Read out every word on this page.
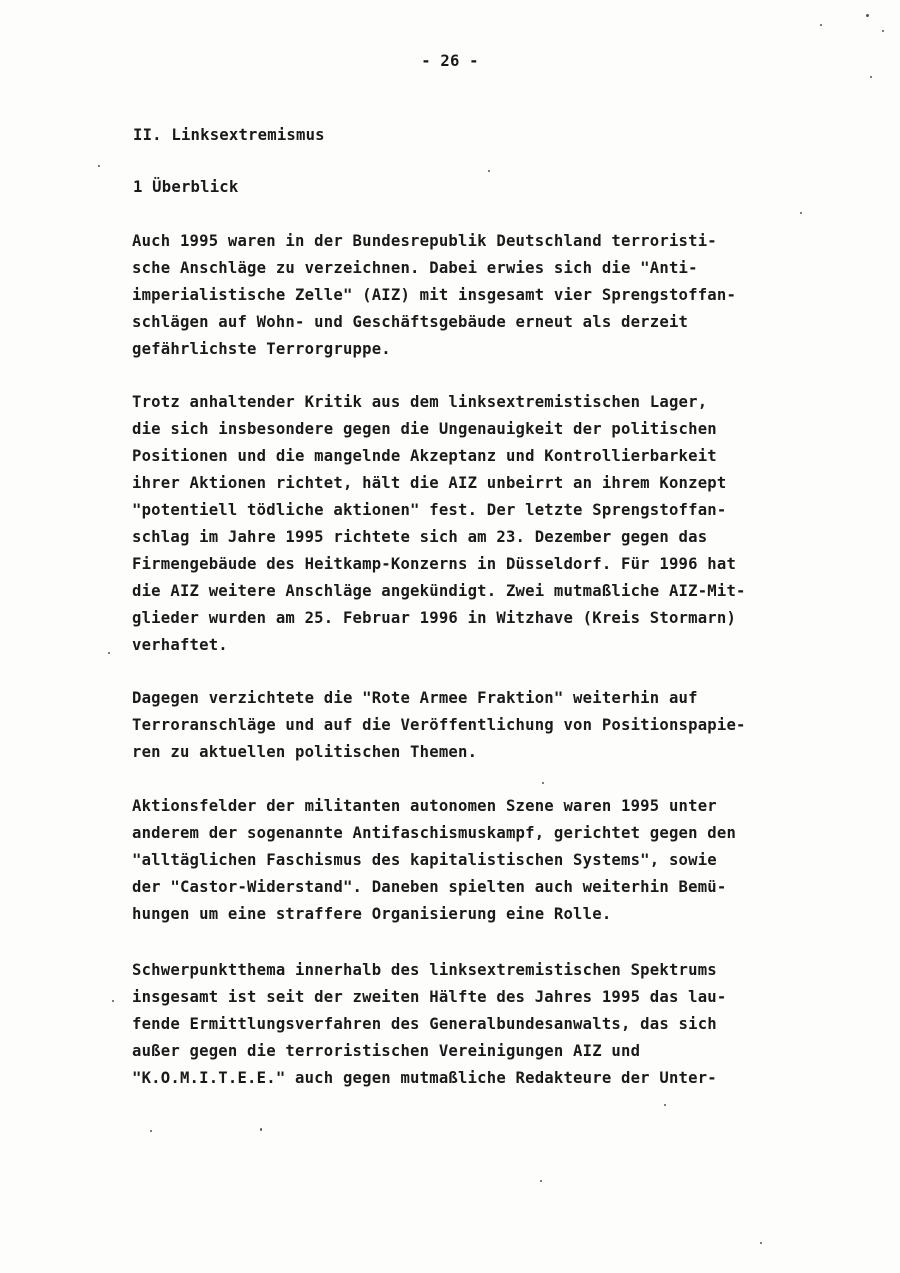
- 26 -
II. Linksextremismus
1 Überblick
Auch 1995 waren in der Bundesrepublik Deutschland terroristi-
sche Anschläge zu verzeichnen. Dabei erwies sich die "Anti-
imperialistische Zelle" (AIZ) mit insgesamt vier Sprengstoffan-
schlägen auf Wohn- und Geschäftsgebäude erneut als derzeit
gefährlichste Terrorgruppe.
Trotz anhaltender Kritik aus dem linksextremistischen Lager,
die sich insbesondere gegen die Ungenauigkeit der politischen
Positionen und die mangelnde Akzeptanz und Kontrollierbarkeit
ihrer Aktionen richtet, hält die AIZ unbeirrt an ihrem Konzept
"potentiell tödliche aktionen" fest. Der letzte Sprengstoffan-
schlag im Jahre 1995 richtete sich am 23. Dezember gegen das
Firmengebäude des Heitkamp-Konzerns in Düsseldorf. Für 1996 hat
die AIZ weitere Anschläge angekündigt. Zwei mutmaßliche AIZ-Mit-
glieder wurden am 25. Februar 1996 in Witzhave (Kreis Stormarn)
verhaftet.
Dagegen verzichtete die "Rote Armee Fraktion" weiterhin auf
Terroranschläge und auf die Veröffentlichung von Positionspapie-
ren zu aktuellen politischen Themen.
Aktionsfelder der militanten autonomen Szene waren 1995 unter
anderem der sogenannte Antifaschismuskampf, gerichtet gegen den
"alltäglichen Faschismus des kapitalistischen Systems", sowie
der "Castor-Widerstand". Daneben spielten auch weiterhin Bemü-
hungen um eine straffere Organisierung eine Rolle.
Schwerpunktthema innerhalb des linksextremistischen Spektrums
insgesamt ist seit der zweiten Hälfte des Jahres 1995 das lau-
fende Ermittlungsverfahren des Generalbundesanwalts, das sich
außer gegen die terroristischen Vereinigungen AIZ und
"K.O.M.I.T.E.E." auch gegen mutmaßliche Redakteure der Unter-
